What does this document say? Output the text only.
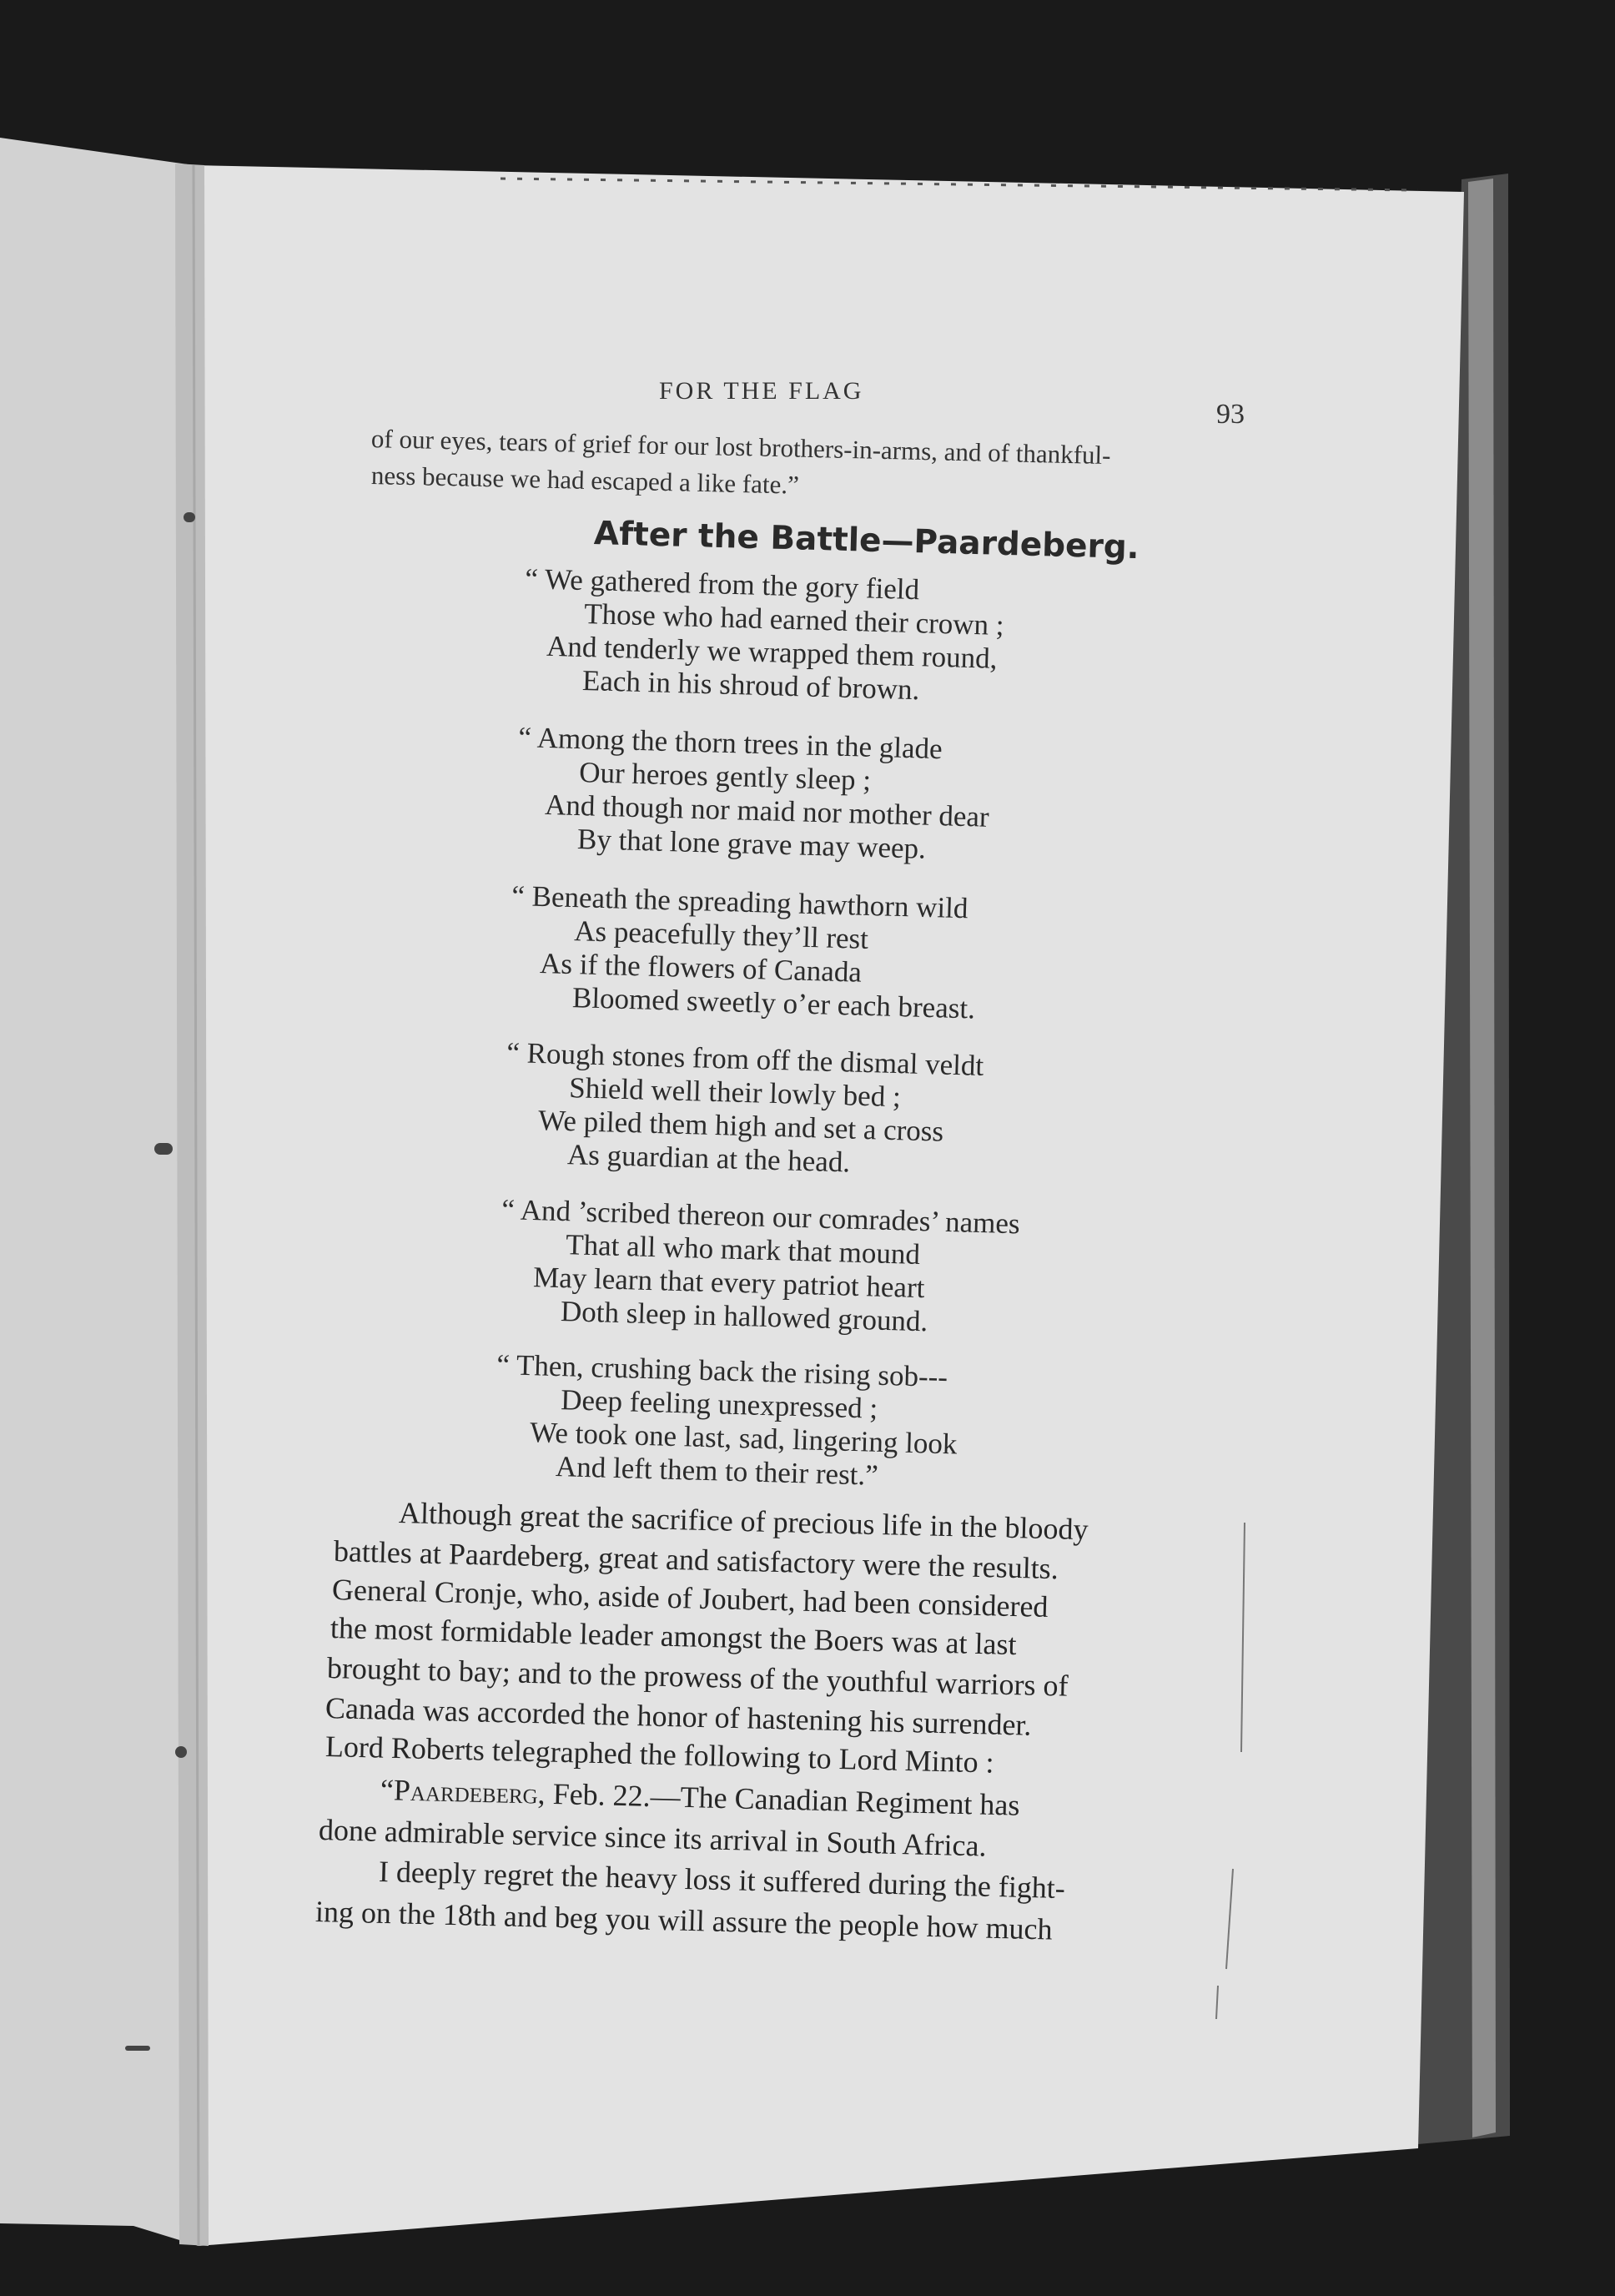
FOR THE FLAG
93
of our eyes, tears of grief for our lost brothers-in-arms, and of thankful-
ness because we had escaped a like fate.”
After the Battle—Paardeberg.
“ We gathered from the gory field
Those who had earned their crown ;
And tenderly we wrapped them round,
Each in his shroud of brown.
“ Among the thorn trees in the glade
Our heroes gently sleep ;
And though nor maid nor mother dear
By that lone grave may weep.
“ Beneath the spreading hawthorn wild
As peacefully they’ll rest
As if the flowers of Canada
Bloomed sweetly o’er each breast.
“ Rough stones from off the dismal veldt
Shield well their lowly bed ;
We piled them high and set a cross
As guardian at the head.
“ And ’scribed thereon our comrades’ names
That all who mark that mound
May learn that every patriot heart
Doth sleep in hallowed ground.
“ Then, crushing back the rising sob---
Deep feeling unexpressed ;
We took one last, sad, lingering look
And left them to their rest.”
Although great the sacrifice of precious life in the bloody
battles at Paardeberg, great and satisfactory were the results.
General Cronje, who, aside of Joubert, had been considered
the most formidable leader amongst the Boers was at last
brought to bay; and to the prowess of the youthful warriors of
Canada was accorded the honor of hastening his surrender.
Lord Roberts telegraphed the following to Lord Minto :
“Paardeberg, Feb. 22.—The Canadian Regiment has
done admirable service since its arrival in South Africa.
I deeply regret the heavy loss it suffered during the fight-
ing on the 18th and beg you will assure the people how much
